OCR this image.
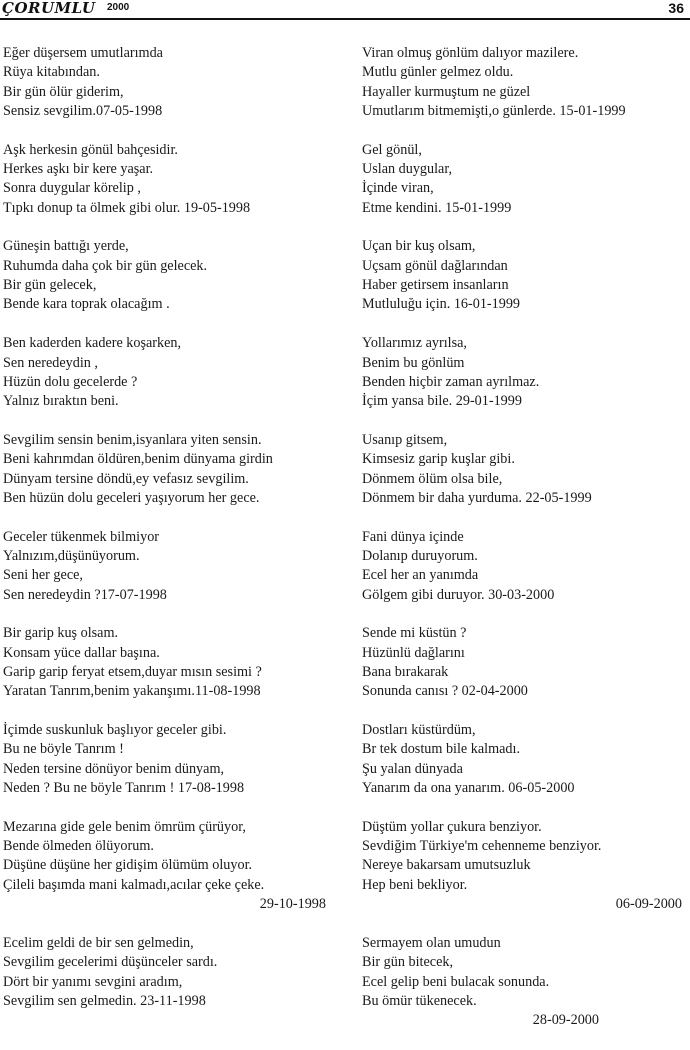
ÇORUMLU 2000	36
Eğer düşersem umutlarımda
Rüya kitabından.
Bir gün ölür giderim,
Sensiz sevgilim.07-05-1998
Aşk herkesin gönül bahçesidir.
Herkes aşkı bir kere yaşar.
Sonra duygular körelip ,
Tıpkı donup ta ölmek gibi olur. 19-05-1998
Güneşin battığı yerde,
Ruhumda daha çok bir gün gelecek.
Bir gün gelecek,
Bende kara toprak olacağım .
Ben kaderden kadere koşarken,
Sen neredeydin ,
Hüzün dolu gecelerde ?
Yalnız bıraktın beni.
Sevgilim sensin benim,isyanlara yiten sensin.
Beni kahrımdan öldüren,benim dünyama girdin
Dünyam tersine döndü,ey vefasız sevgilim.
Ben hüzün dolu geceleri yaşıyorum her gece.
Geceler tükenmek bilmiyor
Yalnızım,düşünüyorum.
Seni her gece,
Sen neredeydin ?17-07-1998
Bir garip kuş olsam.
Konsam yüce dallar başına.
Garip garip feryat etsem,duyar mısın sesimi ?
Yaratan Tanrım,benim yakanşımı.11-08-1998
İçimde suskunluk başlıyor geceler gibi.
Bu ne böyle Tanrım !
Neden tersine dönüyor benim dünyam,
Neden ? Bu ne böyle Tanrım ! 17-08-1998
Mezarına gide gele benim ömrüm çürüyor,
Bende ölmeden ölüyorum.
Düşüne düşüne her gidişim ölümüm oluyor.
Çileli başımda mani kalmadı,acılar çeke çeke.
29-10-1998
Ecelim geldi de bir sen gelmedin,
Sevgilim gecelerimi düşünceler sardı.
Dört bir yanımı sevgini aradım,
Sevgilim sen gelmedin. 23-11-1998
Viran olmuş gönlüm dalıyor mazilere.
Mutlu günler gelmez oldu.
Hayaller kurmuştum ne güzel
Umutlarım bitmemişti,o günlerde. 15-01-1999
Gel gönül,
Uslan duygular,
İçinde viran,
Etme kendini. 15-01-1999
Uçan bir kuş olsam,
Uçsam gönül dağlarından
Haber getirsem insanların
Mutluluğu için. 16-01-1999
Yollarımız ayrılsa,
Benim bu gönlüm
Benden hiçbir zaman ayrılmaz.
İçim yansa bile. 29-01-1999
Usanıp gitsem,
Kimsesiz garip kuşlar gibi.
Dönmem ölüm olsa bile,
Dönmem bir daha yurduma. 22-05-1999
Fani dünya içinde
Dolanıp duruyorum.
Ecel her an yanımda
Gölgem gibi duruyor. 30-03-2000
Sende mi küstün ?
Hüzünlü dağlarını
Bana bırakarak
Sonunda canısı ? 02-04-2000
Dostları küstürdüm,
Br tek dostum bile kalmadı.
Şu yalan dünyada
Yanarım da ona yanarım. 06-05-2000
Düştüm yollar çukura benziyor.
Sevdiğim Türkiye'm cehenneme benziyor.
Nereye bakarsam umutsuzluk
Hep beni bekliyor.
06-09-2000
Sermayem olan umudun
Bir gün bitecek,
Ecel gelip beni bulacak sonunda.
Bu ömür tükenecek.
28-09-2000
